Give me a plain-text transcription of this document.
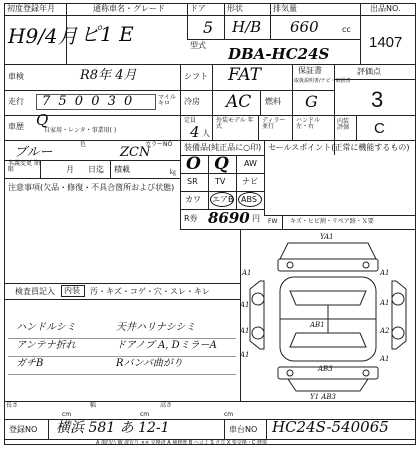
初度登録年月
H9/4月
通称車名・グレード
ピ1 E
ドア
5
形状
H/B
排気量
660	cc
型式 DBA-HC24S
出品NO.
1407
車検	R8年 4月	シフト FAT	保証書
取扱説明書/ナビ・取扱書
評価点
3
走行 7 5 0 0 3 0	マイル キロ	冷房 AC 燃料 G
車歴	自家用・レンタ・事業用( )
Q	定員
4 人
外装モデル 年式
ディラー 並行
ハンドル 左・右
内装 評価	C
色	カラーNO
ブルー	ZCN
名義変更 期限	月 日迄 積載	㎏
注意事項(欠品・修復・不具合箇所および状態)
装備品(純正品に○印) セールスポイント(正常に機能するもの)
AW
O Q
SR TV ナビ
カワ エアB ABS
R券 8690 円 FW キズ・ヒビ割・リペア跡・Ｘ要
検査員記入 内装 汚・キズ・コゲ・穴・スレ・キレ
ハンドルシミ	天井ハリナシシミ
アンテナ折れ	ドアノブ A, DミラーA
ガチB	Rバンパ曲がり
YA1
A1	A1
A1	A1
AB1
A1	A2
A1
AB3
A1
Y1 AB3
長さ
cm
幅
cm
高さ
cm
登録NO 横浜 581 あ 12-1	車台NO HC24S-540065
A 傷凹凸 W 波有り ×× 交換済 A 補修歴 B ヘコミ S さび X 要交換・C 修復
